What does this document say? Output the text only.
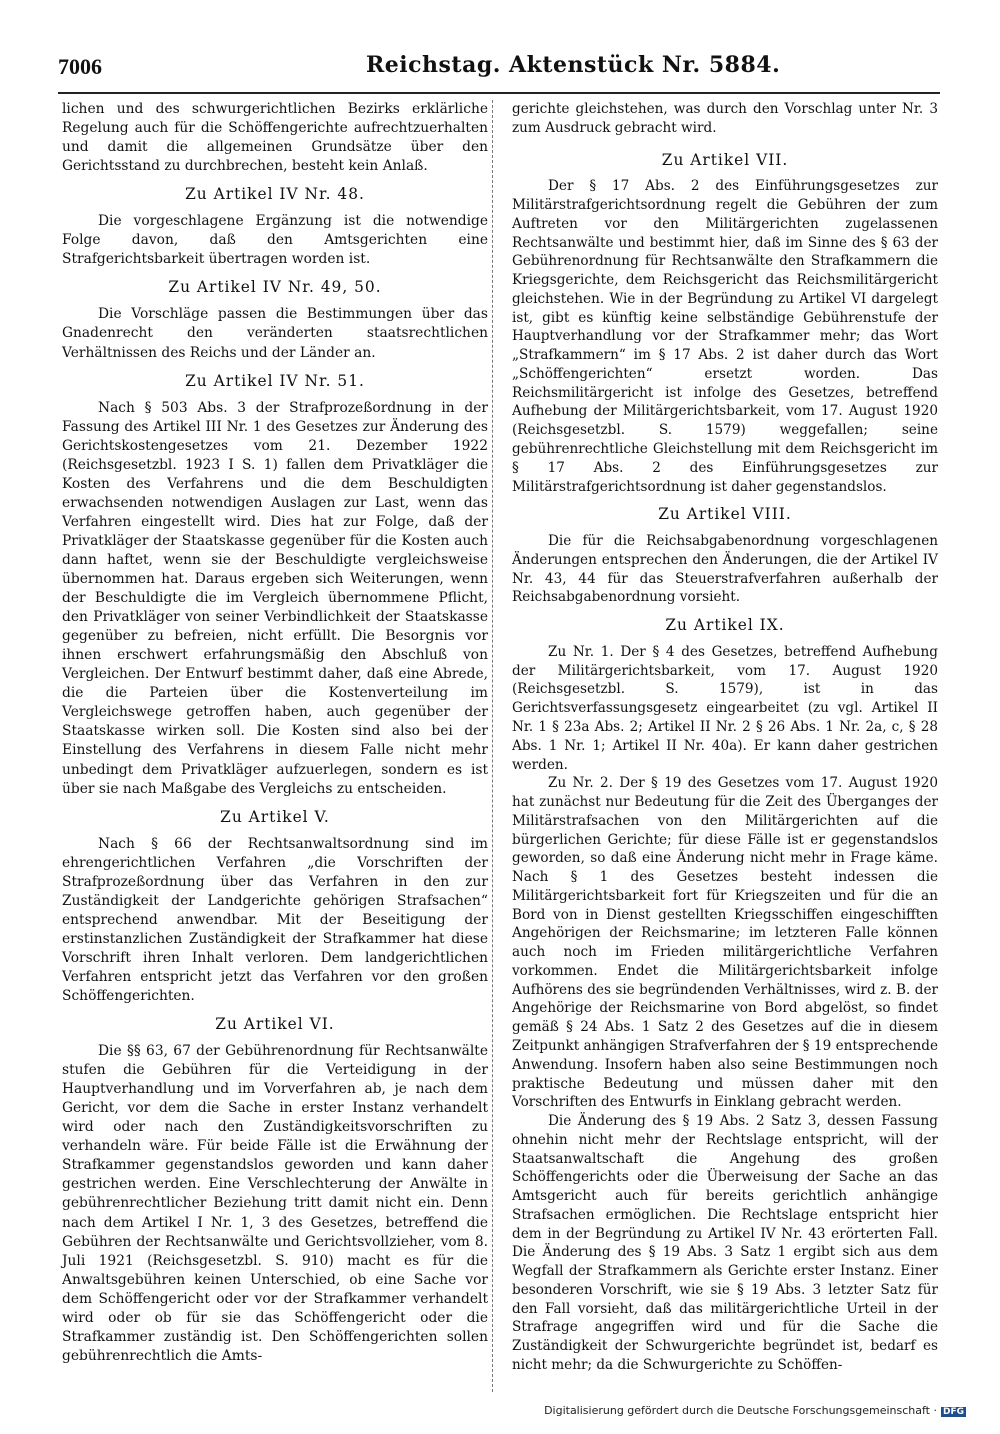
7006	Reichstag. Aktenstück Nr. 5884.

lichen und des schwurgerichtlichen Bezirks erklärliche Regelung auch für die Schöffengerichte aufrechtzuerhalten und damit die allgemeinen Grundsätze über den Gerichtsstand zu durchbrechen, besteht kein Anlaß.

Zu Artikel IV Nr. 48.

Die vorgeschlagene Ergänzung ist die notwendige Folge davon, daß den Amtsgerichten eine Strafgerichtsbarkeit übertragen worden ist.

Zu Artikel IV Nr. 49, 50.

Die Vorschläge passen die Bestimmungen über das Gnadenrecht den veränderten staatsrechtlichen Verhältnissen des Reichs und der Länder an.

Zu Artikel IV Nr. 51.

Nach § 503 Abs. 3 der Strafprozeßordnung in der Fassung des Artikel III Nr. 1 des Gesetzes zur Änderung des Gerichtskostengesetzes vom 21. Dezember 1922 (Reichsgesetzbl. 1923 I S. 1) fallen dem Privatkläger die Kosten des Verfahrens und die dem Beschuldigten erwachsenden notwendigen Auslagen zur Last, wenn das Verfahren eingestellt wird. Dies hat zur Folge, daß der Privatkläger der Staatskasse gegenüber für die Kosten auch dann haftet, wenn sie der Beschuldigte vergleichsweise übernommen hat. Daraus ergeben sich Weiterungen, wenn der Beschuldigte die im Vergleich übernommene Pflicht, den Privatkläger von seiner Verbindlichkeit der Staatskasse gegenüber zu befreien, nicht erfüllt. Die Besorgnis vor ihnen erschwert erfahrungsmäßig den Abschluß von Vergleichen. Der Entwurf bestimmt daher, daß eine Abrede, die die Parteien über die Kostenverteilung im Vergleichswege getroffen haben, auch gegenüber der Staatskasse wirken soll. Die Kosten sind also bei der Einstellung des Verfahrens in diesem Falle nicht mehr unbedingt dem Privatkläger aufzuerlegen, sondern es ist über sie nach Maßgabe des Vergleichs zu entscheiden.

Zu Artikel V.

Nach § 66 der Rechtsanwaltsordnung sind im ehrengerichtlichen Verfahren „die Vorschriften der Strafprozeßordnung über das Verfahren in den zur Zuständigkeit der Landgerichte gehörigen Strafsachen“ entsprechend anwendbar. Mit der Beseitigung der erstinstanzlichen Zuständigkeit der Strafkammer hat diese Vorschrift ihren Inhalt verloren. Dem landgerichtlichen Verfahren entspricht jetzt das Verfahren vor den großen Schöffengerichten.

Zu Artikel VI.

Die §§ 63, 67 der Gebührenordnung für Rechtsanwälte stufen die Gebühren für die Verteidigung in der Hauptverhandlung und im Vorverfahren ab, je nach dem Gericht, vor dem die Sache in erster Instanz verhandelt wird oder nach den Zuständigkeitsvorschriften zu verhandeln wäre. Für beide Fälle ist die Erwähnung der Strafkammer gegenstandslos geworden und kann daher gestrichen werden. Eine Verschlechterung der Anwälte in gebührenrechtlicher Beziehung tritt damit nicht ein. Denn nach dem Artikel I Nr. 1, 3 des Gesetzes, betreffend die Gebühren der Rechtsanwälte und Gerichtsvollzieher, vom 8. Juli 1921 (Reichsgesetzbl. S. 910) macht es für die Anwaltsgebühren keinen Unterschied, ob eine Sache vor dem Schöffengericht oder vor der Strafkammer verhandelt wird oder ob für sie das Schöffengericht oder die Strafkammer zuständig ist. Den Schöffengerichten sollen gebührenrechtlich die Amts-

gerichte gleichstehen, was durch den Vorschlag unter Nr. 3 zum Ausdruck gebracht wird.

Zu Artikel VII.

Der § 17 Abs. 2 des Einführungsgesetzes zur Militärstrafgerichtsordnung regelt die Gebühren der zum Auftreten vor den Militärgerichten zugelassenen Rechtsanwälte und bestimmt hier, daß im Sinne des § 63 der Gebührenordnung für Rechtsanwälte den Strafkammern die Kriegsgerichte, dem Reichsgericht das Reichsmilitärgericht gleichstehen. Wie in der Begründung zu Artikel VI dargelegt ist, gibt es künftig keine selbständige Gebührenstufe der Hauptverhandlung vor der Strafkammer mehr; das Wort „Strafkammern“ im § 17 Abs. 2 ist daher durch das Wort „Schöffengerichten“ ersetzt worden. Das Reichsmilitärgericht ist infolge des Gesetzes, betreffend Aufhebung der Militärgerichtsbarkeit, vom 17. August 1920 (Reichsgesetzbl. S. 1579) weggefallen; seine gebührenrechtliche Gleichstellung mit dem Reichsgericht im § 17 Abs. 2 des Einführungsgesetzes zur Militärstrafgerichtsordnung ist daher gegenstandslos.

Zu Artikel VIII.

Die für die Reichsabgabenordnung vorgeschlagenen Änderungen entsprechen den Änderungen, die der Artikel IV Nr. 43, 44 für das Steuerstrafverfahren außerhalb der Reichsabgabenordnung vorsieht.

Zu Artikel IX.

Zu Nr. 1. Der § 4 des Gesetzes, betreffend Aufhebung der Militärgerichtsbarkeit, vom 17. August 1920 (Reichsgesetzbl. S. 1579), ist in das Gerichtsverfassungsgesetz eingearbeitet (zu vgl. Artikel II Nr. 1 § 23a Abs. 2; Artikel II Nr. 2 § 26 Abs. 1 Nr. 2a, c, § 28 Abs. 1 Nr. 1; Artikel II Nr. 40a). Er kann daher gestrichen werden.

Zu Nr. 2. Der § 19 des Gesetzes vom 17. August 1920 hat zunächst nur Bedeutung für die Zeit des Überganges der Militärstrafsachen von den Militärgerichten auf die bürgerlichen Gerichte; für diese Fälle ist er gegenstandslos geworden, so daß eine Änderung nicht mehr in Frage käme. Nach § 1 des Gesetzes besteht indessen die Militärgerichtsbarkeit fort für Kriegszeiten und für die an Bord von in Dienst gestellten Kriegsschiffen eingeschifften Angehörigen der Reichsmarine; im letzteren Falle können auch noch im Frieden militärgerichtliche Verfahren vorkommen. Endet die Militärgerichtsbarkeit infolge Aufhörens des sie begründenden Verhältnisses, wird z. B. der Angehörige der Reichsmarine von Bord abgelöst, so findet gemäß § 24 Abs. 1 Satz 2 des Gesetzes auf die in diesem Zeitpunkt anhängigen Strafverfahren der § 19 entsprechende Anwendung. Insofern haben also seine Bestimmungen noch praktische Bedeutung und müssen daher mit den Vorschriften des Entwurfs in Einklang gebracht werden.

Die Änderung des § 19 Abs. 2 Satz 3, dessen Fassung ohnehin nicht mehr der Rechtslage entspricht, will der Staatsanwaltschaft die Angehung des großen Schöffengerichts oder die Überweisung der Sache an das Amtsgericht auch für bereits gerichtlich anhängige Strafsachen ermöglichen. Die Rechtslage entspricht hier dem in der Begründung zu Artikel IV Nr. 43 erörterten Fall. Die Änderung des § 19 Abs. 3 Satz 1 ergibt sich aus dem Wegfall der Strafkammern als Gerichte erster Instanz. Einer besonderen Vorschrift, wie sie § 19 Abs. 3 letzter Satz für den Fall vorsieht, daß das militärgerichtliche Urteil in der Strafrage angegriffen wird und für die Sache die Zuständigkeit der Schwurgerichte begründet ist, bedarf es nicht mehr; da die Schwurgerichte zu Schöffen-

Digitalisierung gefördert durch die Deutsche Forschungsgemeinschaft · DFG
